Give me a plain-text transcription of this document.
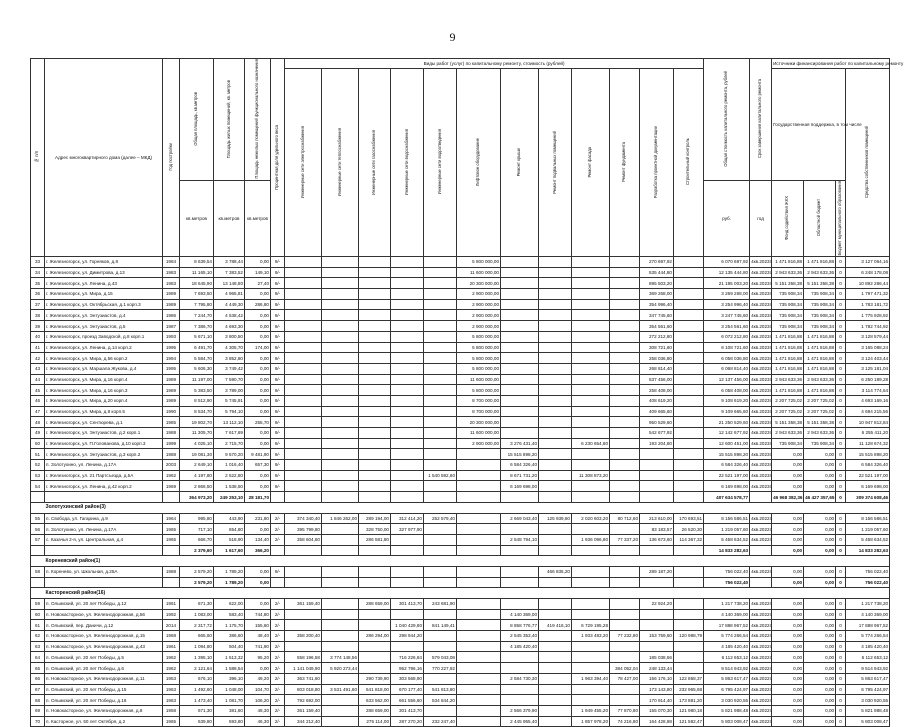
9
№ п/п	Адрес многоквартирного дома (далее – МКД)	Год постройки	Общая площадь, кв.метров	Площадь жилых помещений, кв. метров	Площадь нежилых помещений функционального назначения	Процентная доля удельного веса	Виды работ (услуг) по капитальному ремонту, стоимость (рублей)												Общая стоимость капитального ремонта, рублей	Срок завершения капитального ремонта	Источники финансирования работ по капитальному ремонту			
							Инженерные сети электроснабжения	Инженерные сети теплоснабжения	Инженерные сети газоснабжения	Инженерные сети водоснабжения	Инженерные сети водоотведения	Лифтовое оборудование	Ремонт крыши	Ремонт подвальных помещений	Ремонт фасада	Ремонт фундамента	Разработка проектной документации	Строительный контроль			Государственная поддержка, в том числе			Средства собственников помещений
			кв.метров	кв.метров	кв.метров														руб.	год	Фонд содействия ЖКХ	Областной бюджет	Бюджет муниципального образования	
33	г. Железногорск, ул. Горняков, д.8	1984	8 639,54	3 788,44	0,00	9/-						5 800 000,00					270 697,92		6 070 697,92	4кв.2023г.	1 471 816,88	1 471 816,88	0	3 127 064,16
34	г. Железногорск, ул. Димитрова, д.13	1983	11 165,10	7 383,52	149,10	9/-						11 600 000,00					535 444,80		12 135 444,80	4кв.2023г.	2 943 633,36	2 943 633,36	0	6 248 178,08
35	г. Железногорск, ул. Ленина, д.43	1983	18 645,90	13 148,80	27,40	9/-						20 300 000,00					895 503,20		21 195 003,20	4кв.2023г.	5 151 358,38	5 151 358,38	0	10 892 286,44
36	г. Железногорск, ул. Мира, д.15	1989	7 693,50	4 965,81	0,00	9/-						2 900 000,00					369 268,00		3 269 268,00	4кв.2023г.	735 908,34	735 908,34	0	1 797 471,32
37	г. Железногорск, ул. Октябрьская, д.1 корп.3	1989	7 795,80	4 449,30	286,80	9/-						2 900 000,00					354 996,40		3 254 996,40	4кв.2023г.	735 908,34	735 908,34	0	1 783 181,72
38	г. Железногорск, ул. Энтузиастов, д.4	1986	7 244,70	4 538,42	0,00	9/-						2 900 000,00					347 745,60		3 247 745,60	4кв.2023г.	735 908,34	735 908,34	0	1 775 928,92
39	г. Железногорск, ул. Энтузиастов, д.5	1987	7 386,70	4 693,30	0,00	9/-						2 900 000,00					354 561,60		3 254 561,60	4кв.2023г.	735 908,34	735 908,34	0	1 782 744,92
40	г. Железногорск, проезд Заводской, д.8 корп.1	1993	5 671,10	3 800,50	0,00	9/-						5 800 000,00					272 212,80		6 072 212,80	4кв.2023г.	1 471 816,88	1 471 816,88	0	3 128 579,44
41	г. Железногорск, ул. Ленина, д.14 корп.2	1995	6 491,70	4 305,70	174,00	9/-						5 800 000,00					308 721,60		6 108 721,60	4кв.2023г.	1 471 816,88	1 471 816,88	0	3 165 088,24
42	г. Железногорск, ул. Мира, д.56 корп.2	1994	5 584,70	3 852,80	0,00	9/-						5 800 000,00					258 036,80		6 058 036,80	4кв.2023г.	1 471 816,88	1 471 816,88	0	3 124 403,44
43	г. Железногорск, ул. Маршала Жукова, д.4	1995	5 606,30	3 749,42	0,00	9/-						5 800 000,00					268 814,40		6 068 814,40	4кв.2023г.	1 471 816,88	1 471 816,88	0	3 125 181,04
44	г. Железногорск, ул. Мира, д.16 корп.4	1989	11 197,00	7 590,70	0,00	9/-						11 600 000,00					537 456,00		12 137 456,00	4кв.2023г.	2 943 633,36	2 943 633,36	0	6 250 189,28
45	г. Железногорск, ул. Мира, д.16 корп.3	1989	5 383,50	3 789,00	0,00	9/-						5 800 000,00					258 408,00		6 058 408,00	4кв.2023г.	1 471 816,88	1 471 816,88	0	3 114 774,64
46	г. Железногорск, ул. Мира, д.20 корп.4	1989	8 512,90	5 745,91	0,00	9/-						8 700 000,00					408 619,20		9 108 619,20	4кв.2023г.	2 207 725,02	2 207 725,02	0	4 693 169,16
47	г. Железногорск, ул. Мира, д.8 корп.5	1990	8 534,70	5 794,10	0,00	9/-						8 700 000,00					409 665,60		9 109 665,60	4кв.2023г.	2 207 725,02	2 207 725,02	0	4 694 215,56
48	г. Железногорск, ул. Сентюрева, д.1	1985	19 802,70	13 112,10	255,70	9/-						20 300 000,00					950 529,60		21 250 529,60	4кв.2023г.	5 151 358,38	5 151 358,38	0	10 947 812,84
49	г. Железногорск, ул. Энтузиастов, д.2 корп.1	1988	11 305,70	7 617,69	0,00	9/-						11 600 000,00					542 677,92		12 142 677,92	4кв.2023г.	2 943 633,36	2 943 633,36	0	6 255 411,20
50	г. Железногорск, ул. П.Голованова, д.10 корп.3	1999	4 025,10	2 715,70	0,00	9/-						2 900 000,00	3 276 431,40		6 230 654,80		193 204,80		12 600 451,00	4кв.2023г.	735 908,34	735 908,34	0	11 128 674,32
51	г. Железногорск, ул. Энтузиастов, д.3 корп.2	1988	19 081,30	9 570,20	9 481,90	9/-							15 515 898,20						15 515 898,20	4кв.2023г.	0,00	0,00	0	15 515 898,20
52	п. Золотухино, ул. Ленина, д.17А	2003	2 649,10	1 016,40	657,30	9/-							6 584 326,40						6 584 326,40	4кв.2023г.	0,00	0,00	0	6 584 326,40
53	г. Железногорск, ул. 21 Партсъезда, д.5А	1962	4 197,80	2 522,80	0,00	9/-					1 540 592,60		8 671 731,20		11 308 873,20				22 521 197,00	4кв.2023г.	0,00	0,00	0	22 521 197,00
54	г. Железногорск, ул. Ленина, д.42 корп.2	1969	2 866,50	1 538,50	0,00	9/-							6 169 698,00						6 169 698,00	4кв.2023г.	0,00	0,00	0	6 169 698,00
			364 973,20	249 253,10	28 181,70														407 634 578,77		46 968 382,36	46 427 357,65	0	309 374 608,46
	Золотухинский район(3)																							
55	п. Свобода, ул. Гагарина, д.9	1964	995,80	443,90	231,80	2/-	374 340,40	1 846 262,00	289 194,00	312 414,20	252 579,40		2 669 043,40	125 939,60	2 020 603,20	80 712,60	213 610,00	170 693,51	8 156 586,51	4кв.2022г.	0,00	0,00	0	8 156 586,51
56	п. Золотухино, ул. Ленина, д.17А	1965	717,10	654,80	0,00	2/-	395 799,80		328 750,00	327 977,90							83 183,57	26 520,30	1 219 057,60	4кв.2022г.	0,00	0,00	0	1 219 057,60
57	с. Казачья 2-я, ул. Центральная, д.4	1965	666,70	518,90	134,40	2/-	358 604,60		286 581,80				2 548 794,10		1 936 096,80	77 337,20	136 673,60	114 367,32	5 458 634,52	4кв.2022г.	0,00	0,00	0	5 458 634,52
			2 379,60	1 617,60	366,20														14 833 282,63		0,00	0,00	0	14 833 282,63
	Кореневский район(1)																							
58	п. Коренево, ул. Школьная, д.25А	1988	2 579,20	1 789,20	0,00	9/-								466 835,20			289 187,20		756 022,40	4кв.2022г.	0,00	0,00	0	756 022,40
			2 579,20	1 789,20	0,00														756 022,40		0,00	0,00	0	756 022,40
	Касторенский район(16)																							
59	п. Олымский, ул. 20 лет Победы, д.12	1961	671,30	622,00	0,00	2/-	361 159,40		288 659,00	301 413,70	243 681,90						22 924,20		1 217 738,20	4кв.2022г.	0,00	0,00	0	1 217 738,20
60	п. Новокасторное, ул. Железнодорожная, д.56	1992	1 083,00	583,40	744,80	2/-							4 140 369,00						4 140 369,00	4кв.2022г.	0,00	0,00	0	4 140 369,00
61	п. Олымский, пер. Даничи, д.12	2014	2 317,72	1 175,70	155,60	2/-				1 040 429,80	841 149,41		8 858 776,77	419 416,10	6 729 195,28				17 888 967,52	4кв.2022г.	0,00	0,00	0	17 888 967,52
62	п. Новокасторное, ул. Железнодорожная, д.15	1968	665,60	386,60	48,40	2/-	358 200,40		286 294,00	298 944,20			2 545 353,40		1 933 483,20	77 232,80	153 759,60	120 988,79	5 774 266,54	4кв.2022г.	0,00	0,00	0	5 774 266,54
63	п. Новокасторное, ул. Железнодорожная, д.43	1961	1 094,80	504,40	741,90	2/-							4 185 420,40						4 185 420,40	4кв.2022г.	0,00	0,00	0	4 185 420,40
64	п. Олымский, ул. 20 лет Победы, д.5	1962	1 395,10	1 513,32	95,20	2/-	558 196,58	3 774 148,56		716 226,84	579 043,08						185 038,56		6 112 653,12	4кв.2022г.	0,00	0,00	0	6 112 653,12
65	п. Олымский, ул. 20 лет Победы, д.6	1962	2 121,64	1 588,54	0,00	2/-	1 141 049,90	5 920 273,44		952 796,16	770 227,92					384 052,04	248 133,44		9 514 943,92	4кв.2022г.	0,00	0,00	0	9 514 943,92
66	п. Новокасторное, ул. Железнодорожная, д.11	1953	676,10	396,10	49,20	2/-	363 741,60		290 739,90	303 568,90			2 584 730,30		1 963 394,40	78 427,00	156 176,10	122 858,37	5 863 617,47	4кв.2022г.	0,00	0,00	0	5 863 617,47
67	п. Олымский, ул. 20 лет Победы, д.15	1963	1 492,60	1 048,00	104,70	2/-	803 018,80	3 531 491,60	641 818,00	670 177,40	541 813,80						173 143,80	232 965,68	6 795 424,97	4кв.2022г.	0,00	0,00	0	6 795 424,97
68	п. Олымский, ул. 20 лет Победы, д.16	1963	1 473,40	1 081,70	106,20	2/-	792 692,00		633 562,00	661 556,60	534 844,20						170 914,40	173 881,20	3 030 920,55	4кв.2022г.	0,00	0,00	0	3 030 920,55
69	п. Новокасторное, ул. Железнодорожная, д.8	1958	671,30	381,60	48,30	2/-	361 159,40		288 659,00	301 413,70			2 566 379,90		1 949 455,20	77 870,80	155 070,30	121 980,18	5 821 988,48	4кв.2022г.	0,00	0,00	0	5 821 988,48
70	п. Касторное, ул. 50 лет Октября, д.2	1965	639,80	593,80	46,30	2/-	344 212,40		275 114,00	287 270,20	232 247,40		2 445 955,40		1 857 978,20	74 216,80	164 428,88	121 582,47	5 803 008,47	4кв.2022г.	0,00	0,00	0	5 803 008,47
